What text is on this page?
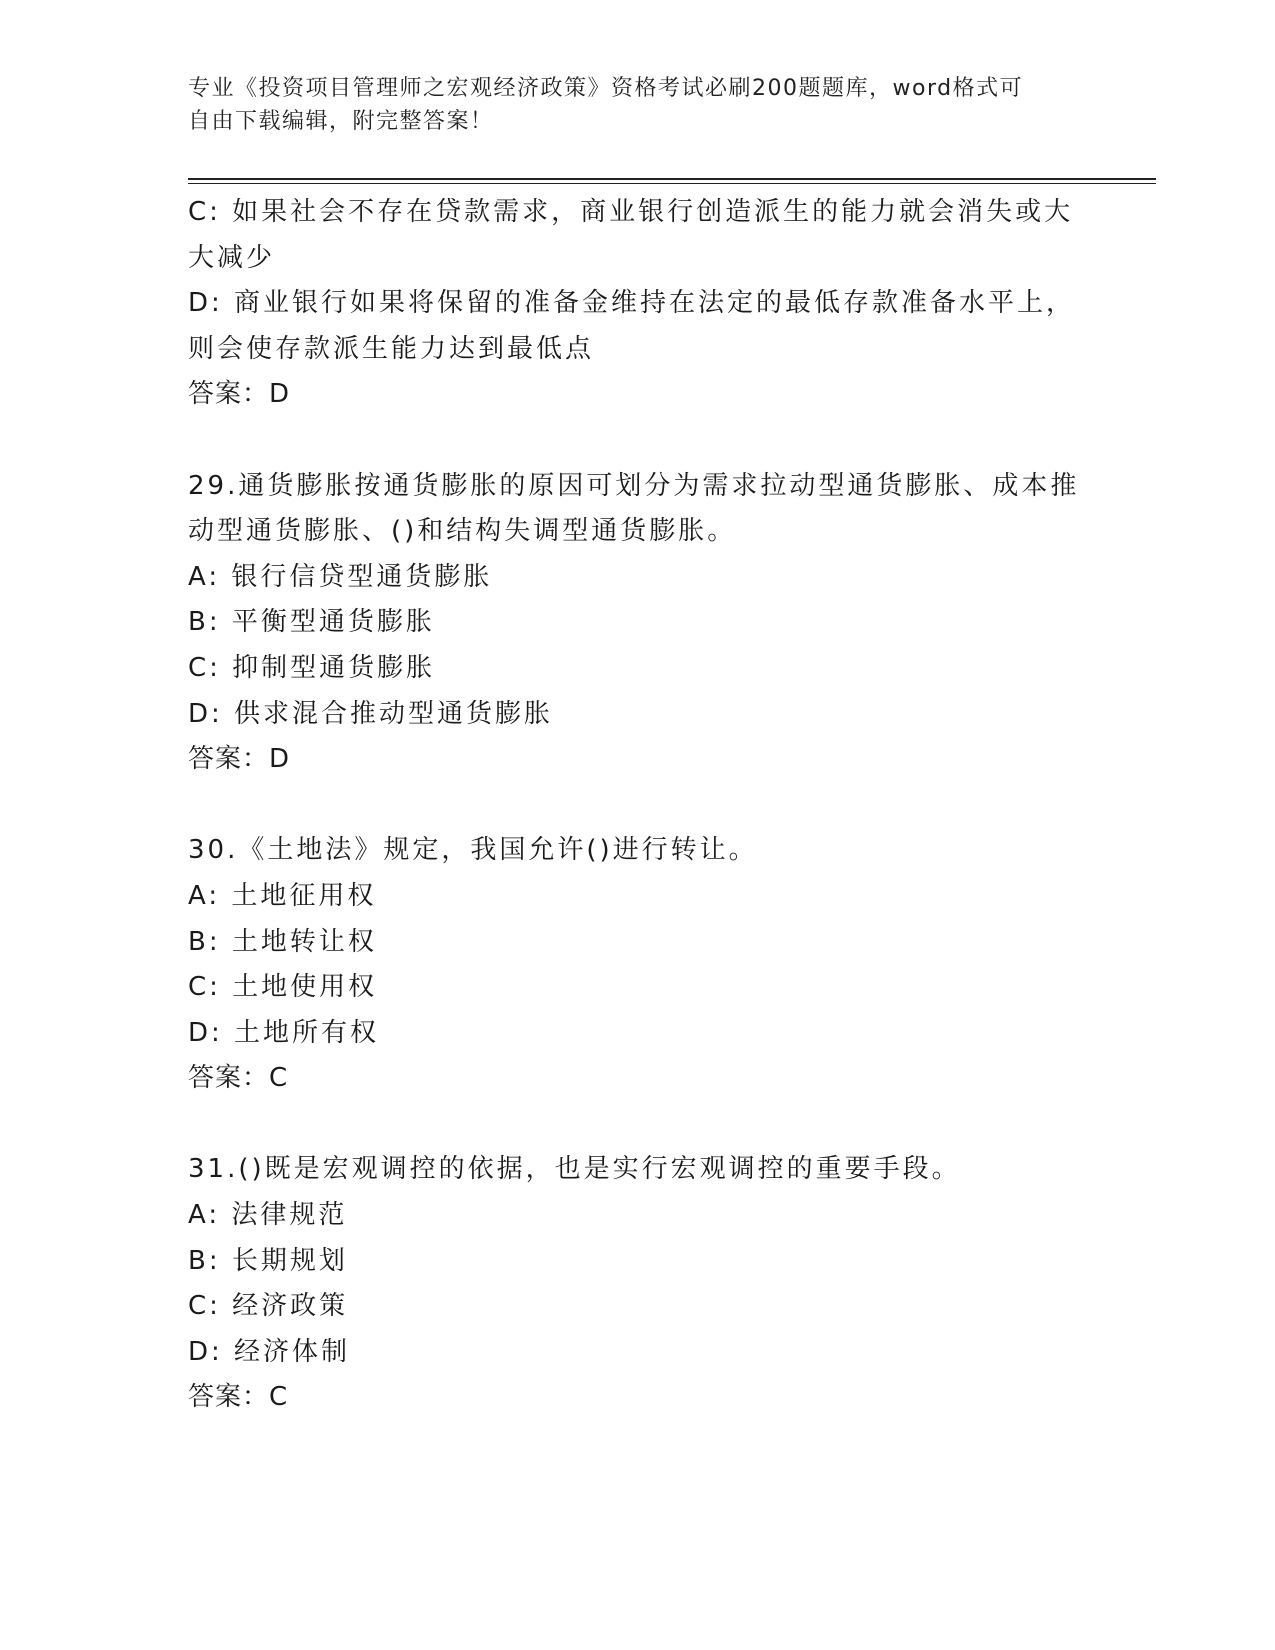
专业《投资项目管理师之宏观经济政策》资格考试必刷200题题库，word格式可
自由下载编辑，附完整答案！
C: 如果社会不存在贷款需求，商业银行创造派生的能力就会消失或大
大减少
D: 商业银行如果将保留的准备金维持在法定的最低存款准备水平上，
则会使存款派生能力达到最低点
答案：D
29.通货膨胀按通货膨胀的原因可划分为需求拉动型通货膨胀、成本推
动型通货膨胀、()和结构失调型通货膨胀。
A: 银行信贷型通货膨胀
B: 平衡型通货膨胀
C: 抑制型通货膨胀
D: 供求混合推动型通货膨胀
答案：D
30.《土地法》规定，我国允许()进行转让。
A: 土地征用权
B: 土地转让权
C: 土地使用权
D: 土地所有权
答案：C
31.()既是宏观调控的依据，也是实行宏观调控的重要手段。
A: 法律规范
B: 长期规划
C: 经济政策
D: 经济体制
答案：C
